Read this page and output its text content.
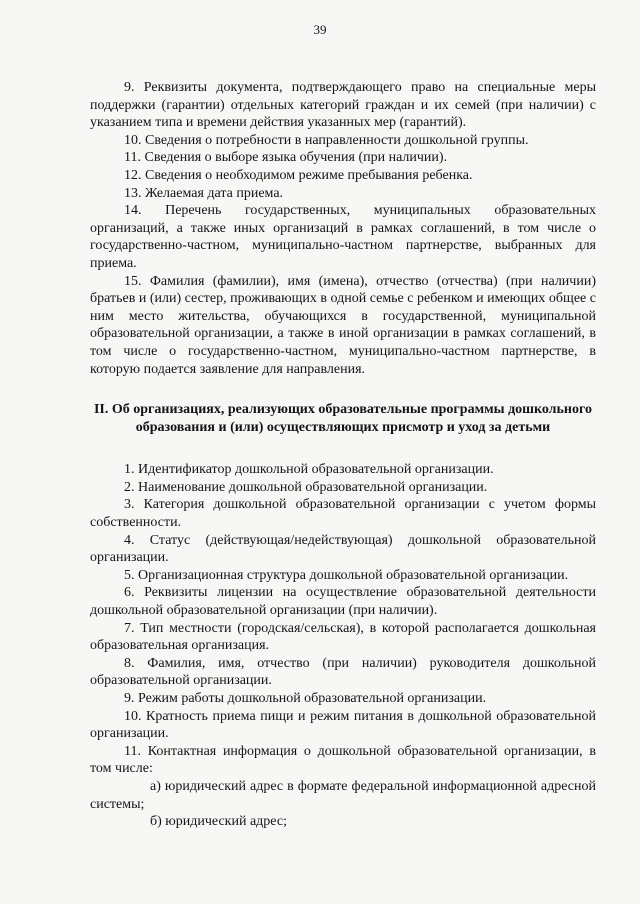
39

9. Реквизиты документа, подтверждающего право на специальные меры поддержки (гарантии) отдельных категорий граждан и их семей (при наличии) с указанием типа и времени действия указанных мер (гарантий).

10. Сведения о потребности в направленности дошкольной группы.

11. Сведения о выборе языка обучения (при наличии).

12. Сведения о необходимом режиме пребывания ребенка.

13. Желаемая дата приема.

14. Перечень государственных, муниципальных образовательных организаций, а также иных организаций в рамках соглашений, в том числе о государственно-частном, муниципально-частном партнерстве, выбранных для приема.

15. Фамилия (фамилии), имя (имена), отчество (отчества) (при наличии) братьев и (или) сестер, проживающих в одной семье с ребенком и имеющих общее с ним место жительства, обучающихся в государственной, муниципальной образовательной организации, а также в иной организации в рамках соглашений, в том числе о государственно-частном, муниципально-частном партнерстве, в которую подается заявление для направления.

II. Об организациях, реализующих образовательные программы дошкольного образования и (или) осуществляющих присмотр и уход за детьми

1. Идентификатор дошкольной образовательной организации.

2. Наименование дошкольной образовательной организации.

3. Категория дошкольной образовательной организации с учетом формы собственности.

4. Статус (действующая/недействующая) дошкольной образовательной организации.

5. Организационная структура дошкольной образовательной организации.

6. Реквизиты лицензии на осуществление образовательной деятельности дошкольной образовательной организации (при наличии).

7. Тип местности (городская/сельская), в которой располагается дошкольная образовательная организация.

8. Фамилия, имя, отчество (при наличии) руководителя дошкольной образовательной организации.

9. Режим работы дошкольной образовательной организации.

10. Кратность приема пищи и режим питания в дошкольной образовательной организации.

11. Контактная информация о дошкольной образовательной организации, в том числе:

а) юридический адрес в формате федеральной информационной адресной системы;

б) юридический адрес;
